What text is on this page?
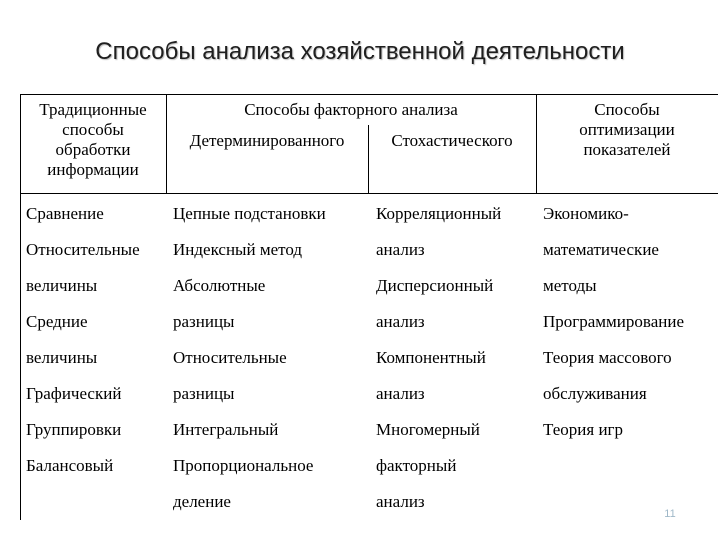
Способы анализа хозяйственной деятельности
Традиционные
способы
обработки
информации
Способы факторного анализа
Детерминированного	Стохастического
Способы
оптимизации
показателей
Сравнение
Относительные
величины
Средние
величины
Графический
Группировки
Балансовый
Цепные подстановки
Индексный метод
Абсолютные
разницы
Относительные
разницы
Интегральный
Пропорциональное
деление
Корреляционный
анализ
Дисперсионный
анализ
Компонентный
анализ
Многомерный
факторный
анализ
Экономико-
математические
методы
Программирование
Теория массового
обслуживания
Теория игр
11
